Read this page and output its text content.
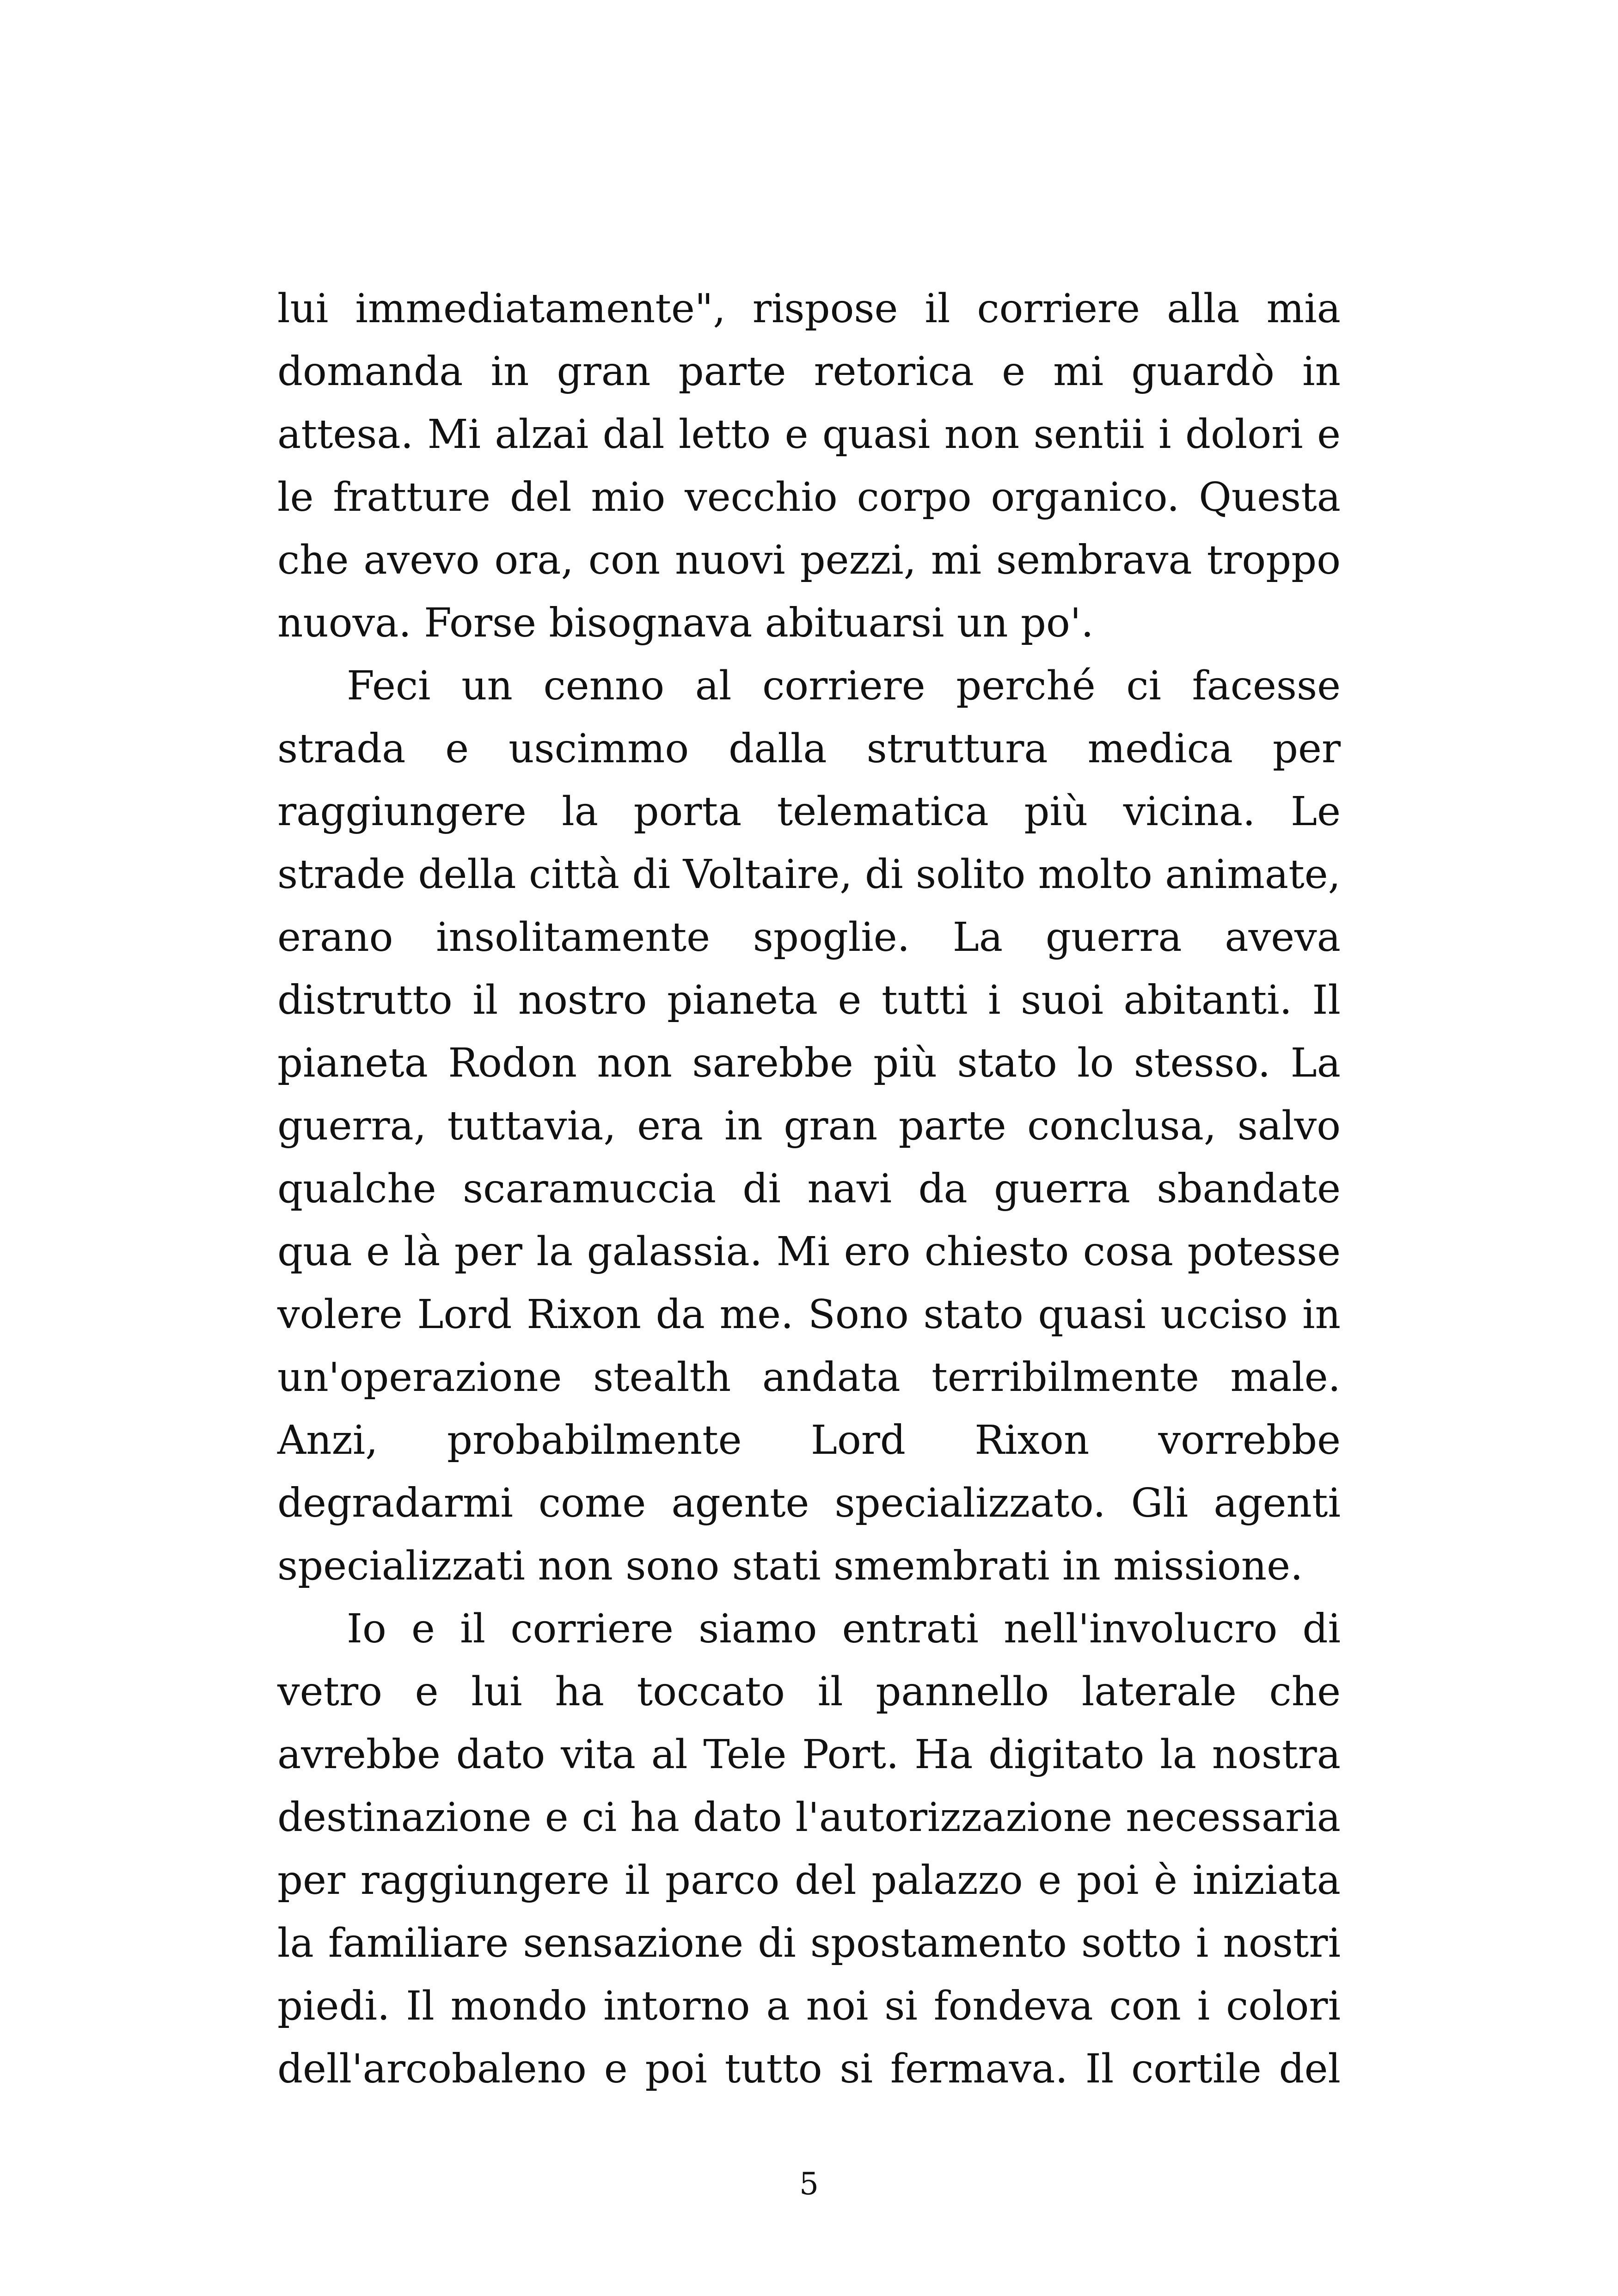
lui immediatamente", rispose il corriere alla mia domanda in gran parte retorica e mi guardò in attesa. Mi alzai dal letto e quasi non sentii i dolori e le fratture del mio vecchio corpo organico. Questa che avevo ora, con nuovi pezzi, mi sembrava troppo nuova. Forse bisognava abituarsi un po'.

Feci un cenno al corriere perché ci facesse strada e uscimmo dalla struttura medica per raggiungere la porta telematica più vicina. Le strade della città di Voltaire, di solito molto animate, erano insolitamente spoglie. La guerra aveva distrutto il nostro pianeta e tutti i suoi abitanti. Il pianeta Rodon non sarebbe più stato lo stesso. La guerra, tuttavia, era in gran parte conclusa, salvo qualche scaramuccia di navi da guerra sbandate qua e là per la galassia. Mi ero chiesto cosa potesse volere Lord Rixon da me. Sono stato quasi ucciso in un'operazione stealth andata terribilmente male. Anzi, probabilmente Lord Rixon vorrebbe degradarmi come agente specializzato. Gli agenti specializzati non sono stati smembrati in missione.

Io e il corriere siamo entrati nell'involucro di vetro e lui ha toccato il pannello laterale che avrebbe dato vita al Tele Port. Ha digitato la nostra destinazione e ci ha dato l'autorizzazione necessaria per raggiungere il parco del palazzo e poi è iniziata la familiare sensazione di spostamento sotto i nostri piedi. Il mondo intorno a noi si fondeva con i colori dell'arcobaleno e poi tutto si fermava. Il cortile del

5
